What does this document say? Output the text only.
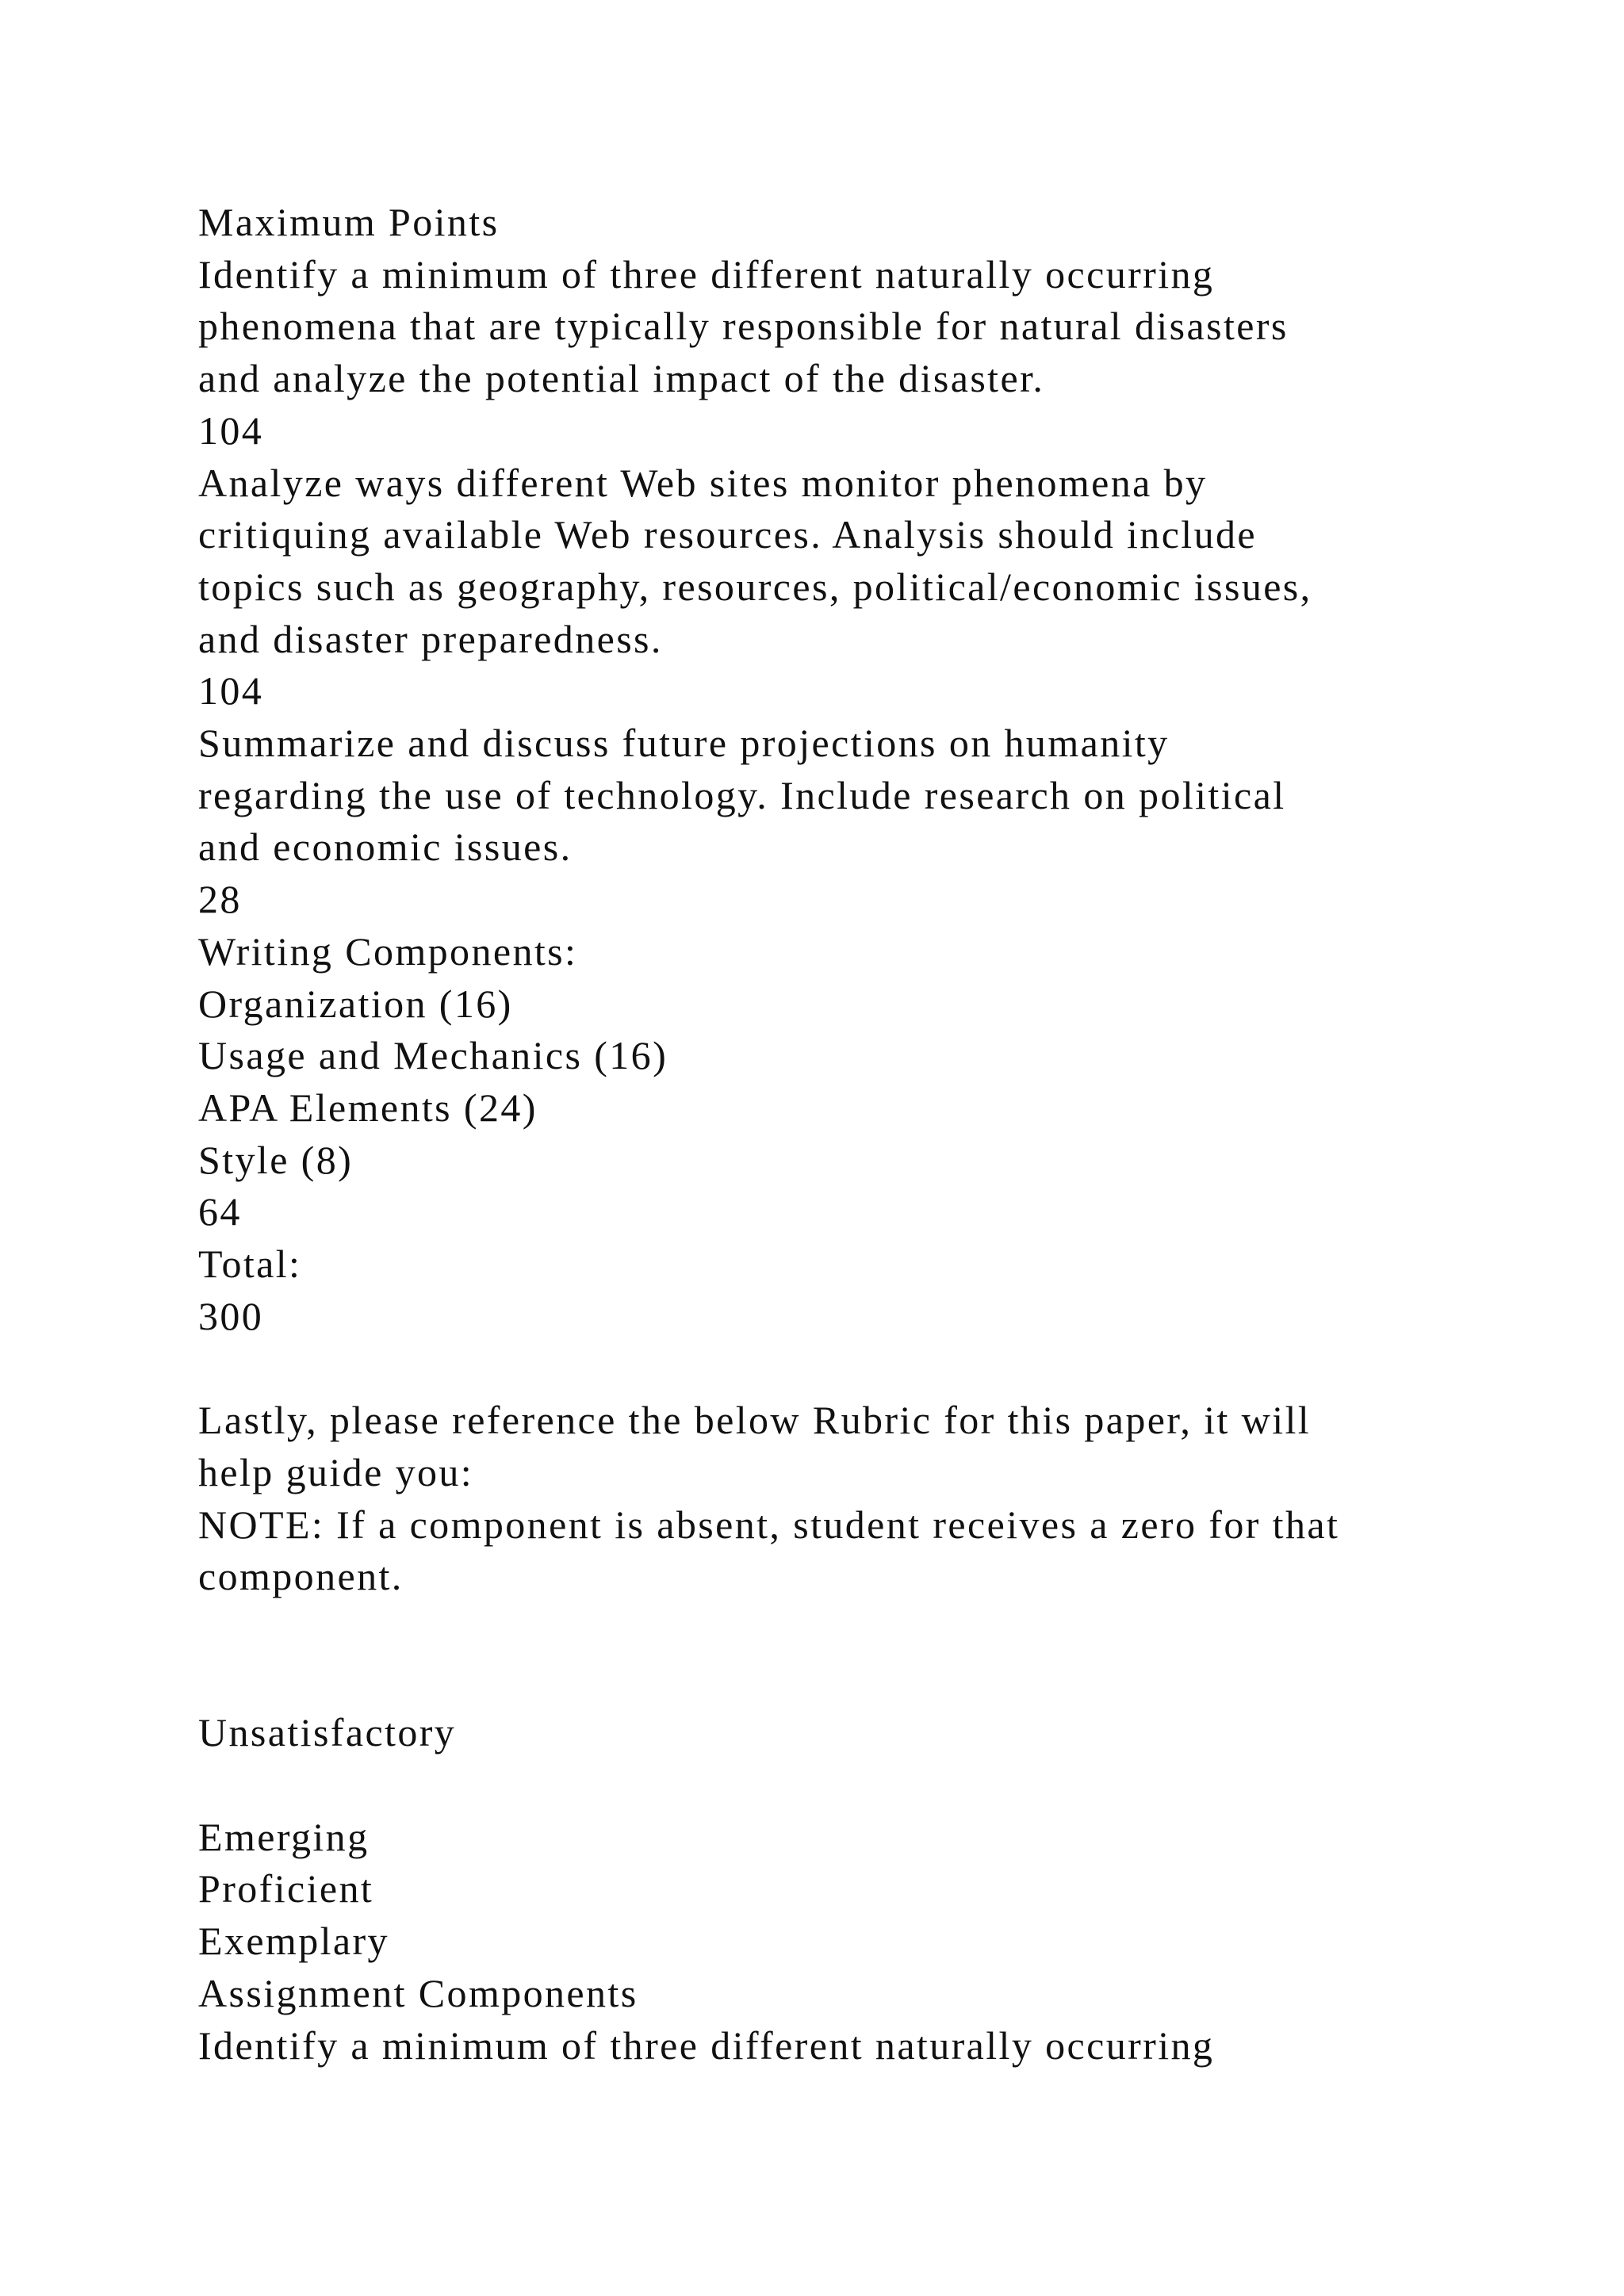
Maximum Points
Identify a minimum of three different naturally occurring
phenomena that are typically responsible for natural disasters
and analyze the potential impact of the disaster.
104
Analyze ways different Web sites monitor phenomena by
critiquing available Web resources. Analysis should include
topics such as geography, resources, political/economic issues,
and disaster preparedness.
104
Summarize and discuss future projections on humanity
regarding the use of technology. Include research on political
and economic issues.
28
Writing Components:
Organization (16)
Usage and Mechanics (16)
APA Elements (24)
Style (8)
64
Total:
300
Lastly, please reference the below Rubric for this paper, it will
help guide you:
NOTE: If a component is absent, student receives a zero for that
component.
Unsatisfactory
Emerging
Proficient
Exemplary
Assignment Components
Identify a minimum of three different naturally occurring
